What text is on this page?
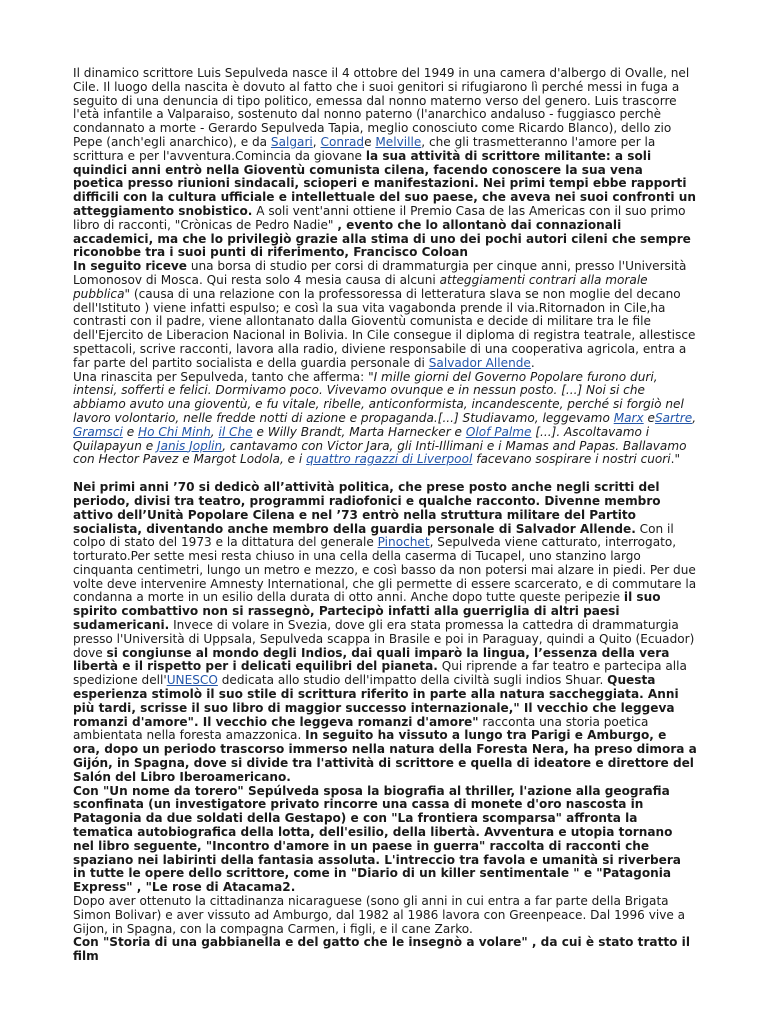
Il dinamico scrittore Luis Sepulveda nasce il 4 ottobre del 1949 in una camera d'albergo di Ovalle, nel Cile. Il luogo della nascita è dovuto al fatto che i suoi genitori si rifugiarono lì perché messi in fuga a seguito di una denuncia di tipo politico, emessa dal nonno materno verso del genero. Luis trascorre l'età infantile a Valparaiso, sostenuto dal nonno paterno (l'anarchico andaluso - fuggiasco perchè condannato a morte - Gerardo Sepulveda Tapia, meglio conosciuto come Ricardo Blanco), dello zio Pepe (anch'egli anarchico), e da Salgari, Conrade Melville, che gli trasmetteranno l'amore per la scrittura e per l'avventura.Comincia da giovane la sua attività di scrittore militante: a soli quindici anni entrò nella Gioventù comunista cilena, facendo conoscere la sua vena poetica presso riunioni sindacali, scioperi e manifestazioni. Nei primi tempi ebbe rapporti difficili con la cultura ufficiale e intellettuale del suo paese, che aveva nei suoi confronti un atteggiamento snobistico. A soli vent'anni ottiene il Premio Casa de las Americas con il suo primo libro di racconti, "Crònicas de Pedro Nadie" , evento che lo allontanò dai connazionali accademici, ma che lo privilegiò grazie alla stima di uno dei pochi autori cileni che sempre riconobbe tra i suoi punti di riferimento, Francisco Coloan

In seguito riceve una borsa di studio per corsi di drammaturgia per cinque anni, presso l'Università Lomonosov di Mosca. Qui resta solo 4 mesia causa di alcuni atteggiamenti contrari alla morale pubblica" (causa di una relazione con la professoressa di letteratura slava se non moglie del decano dell'Istituto ) viene infatti espulso; e così la sua vita vagabonda prende il via.Ritornadon in Cile,ha contrasti con il padre, viene allontanato dalla Gioventù comunista e decide di militare tra le file dell'Ejercito de Liberacion Nacional in Bolivia. In Cile consegue il diploma di registra teatrale, allestisce spettacoli, scrive racconti, lavora alla radio, diviene responsabile di una cooperativa agricola, entra a far parte del partito socialista e della guardia personale di Salvador Allende.

Una rinascita per Sepulveda, tanto che afferma: "I mille giorni del Governo Popolare furono duri, intensi, sofferti e felici. Dormivamo poco. Vivevamo ovunque e in nessun posto. [...] Noi si che abbiamo avuto una gioventù, e fu vitale, ribelle, anticonformista, incandescente, perché si forgiò nel lavoro volontario, nelle fredde notti di azione e propaganda.[...] Studiavamo, leggevamo Marx eSartre, Gramsci e Ho Chi Minh, il Che e Willy Brandt, Marta Harnecker e Olof Palme [...]. Ascoltavamo i Quilapayun e Janis Joplin, cantavamo con Victor Jara, gli Inti-Illimani e i Mamas and Papas. Ballavamo con Hector Pavez e Margot Lodola, e i quattro ragazzi di Liverpool facevano sospirare i nostri cuori."

Nei primi anni ’70 si dedicò all’attività politica, che prese posto anche negli scritti del periodo, divisi tra teatro, programmi radiofonici e qualche racconto. Divenne membro attivo dell’Unità Popolare Cilena e nel ’73 entrò nella struttura militare del Partito socialista, diventando anche membro della guardia personale di Salvador Allende. Con il colpo di stato del 1973 e la dittatura del generale Pinochet, Sepulveda viene catturato, interrogato, torturato.Per sette mesi resta chiuso in una cella della caserma di Tucapel, uno stanzino largo cinquanta centimetri, lungo un metro e mezzo, e così basso da non potersi mai alzare in piedi. Per due volte deve intervenire Amnesty International, che gli permette di essere scarcerato, e di commutare la condanna a morte in un esilio della durata di otto anni. Anche dopo tutte queste peripezie il suo spirito combattivo non si rassegnò, Partecipò infatti alla guerriglia di altri paesi sudamericani. Invece di volare in Svezia, dove gli era stata promessa la cattedra di drammaturgia presso l'Università di Uppsala, Sepulveda scappa in Brasile e poi in Paraguay, quindi a Quito (Ecuador) dove si congiunse al mondo degli Indios, dai quali imparò la lingua, l’essenza della vera libertà e il rispetto per i delicati equilibri del pianeta. Qui riprende a far teatro e partecipa alla spedizione dell'UNESCO dedicata allo studio dell'impatto della civiltà sugli indios Shuar. Questa esperienza stimolò il suo stile di scrittura riferito in parte alla natura saccheggiata. Anni più tardi, scrisse il suo libro di maggior successo internazionale," Il vecchio che leggeva romanzi d'amore". Il vecchio che leggeva romanzi d'amore" racconta una storia poetica ambientata nella foresta amazzonica. In seguito ha vissuto a lungo tra Parigi e Amburgo, e ora, dopo un periodo trascorso immerso nella natura della Foresta Nera, ha preso dimora a Gijón, in Spagna, dove si divide tra l'attività di scrittore e quella di ideatore e direttore del Salón del Libro Iberoamericano.

Con "Un nome da torero" Sepúlveda sposa la biografia al thriller, l'azione alla geografia sconfinata (un investigatore privato rincorre una cassa di monete d'oro nascosta in Patagonia da due soldati della Gestapo) e con "La frontiera scomparsa" affronta la tematica autobiografica della lotta, dell'esilio, della libertà. Avventura e utopia tornano nel libro seguente, "Incontro d'amore in un paese in guerra" raccolta di racconti che spaziano nei labirinti della fantasia assoluta. L'intreccio tra favola e umanità si riverbera in tutte le opere dello scrittore, come in "Diario di un killer sentimentale " e "Patagonia Express" , "Le rose di Atacama2.

Dopo aver ottenuto la cittadinanza nicaraguese (sono gli anni in cui entra a far parte della Brigata Simon Bolivar) e aver vissuto ad Amburgo, dal 1982 al 1986 lavora con Greenpeace. Dal 1996 vive a Gijon, in Spagna, con la compagna Carmen, i figli, e il cane Zarko.

Con "Storia di una gabbianella e del gatto che le insegnò a volare" , da cui è stato tratto il film
